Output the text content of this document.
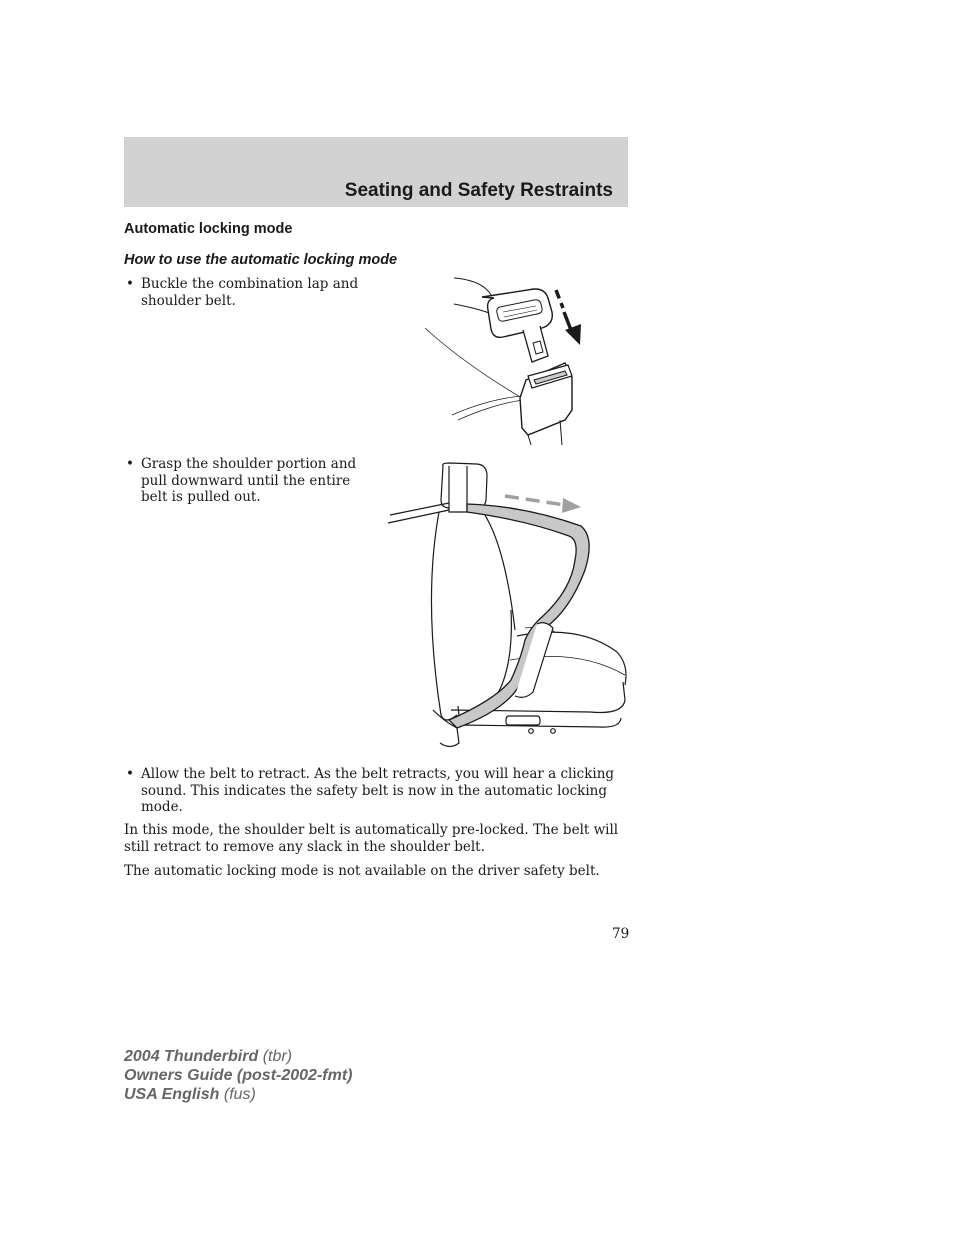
Seating and Safety Restraints
Automatic locking mode
How to use the automatic locking mode
• Buckle the combination lap and
shoulder belt.
• Grasp the shoulder portion and
pull downward until the entire
belt is pulled out.
• Allow the belt to retract. As the belt retracts, you will hear a clicking
sound. This indicates the safety belt is now in the automatic locking
mode.

In this mode, the shoulder belt is automatically pre-locked. The belt will
still retract to remove any slack in the shoulder belt.

The automatic locking mode is not available on the driver safety belt.

79
2004 Thunderbird (tbr)
Owners Guide (post-2002-fmt)
USA English (fus)
